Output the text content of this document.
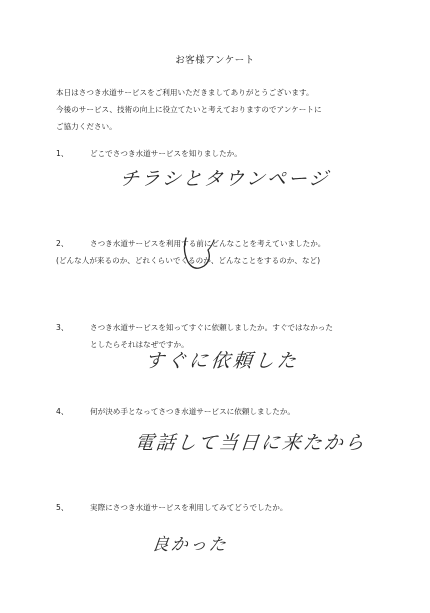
お客様アンケート
本日はさつき水道サービスをご利用いただきましてありがとうございます。
今後のサービス、技術の向上に役立てたいと考えておりますのでアンケートに
ご協力ください。
1、	どこでさつき水道サービスを知りましたか。
チラシとタウンページ
2、	さつき水道サービスを利用する前にどんなことを考えていましたか。
(どんな人が来るのか、どれくらいでくるのか、どんなことをするのか、など)
3、	さつき水道サービスを知ってすぐに依頼しましたか。すぐではなかった
としたらそれはなぜですか。
すぐに依頼した
4、	何が決め手となってさつき水道サービスに依頼しましたか。
電話して当日に来たから
5、	実際にさつき水道サービスを利用してみてどうでしたか。
良かった
